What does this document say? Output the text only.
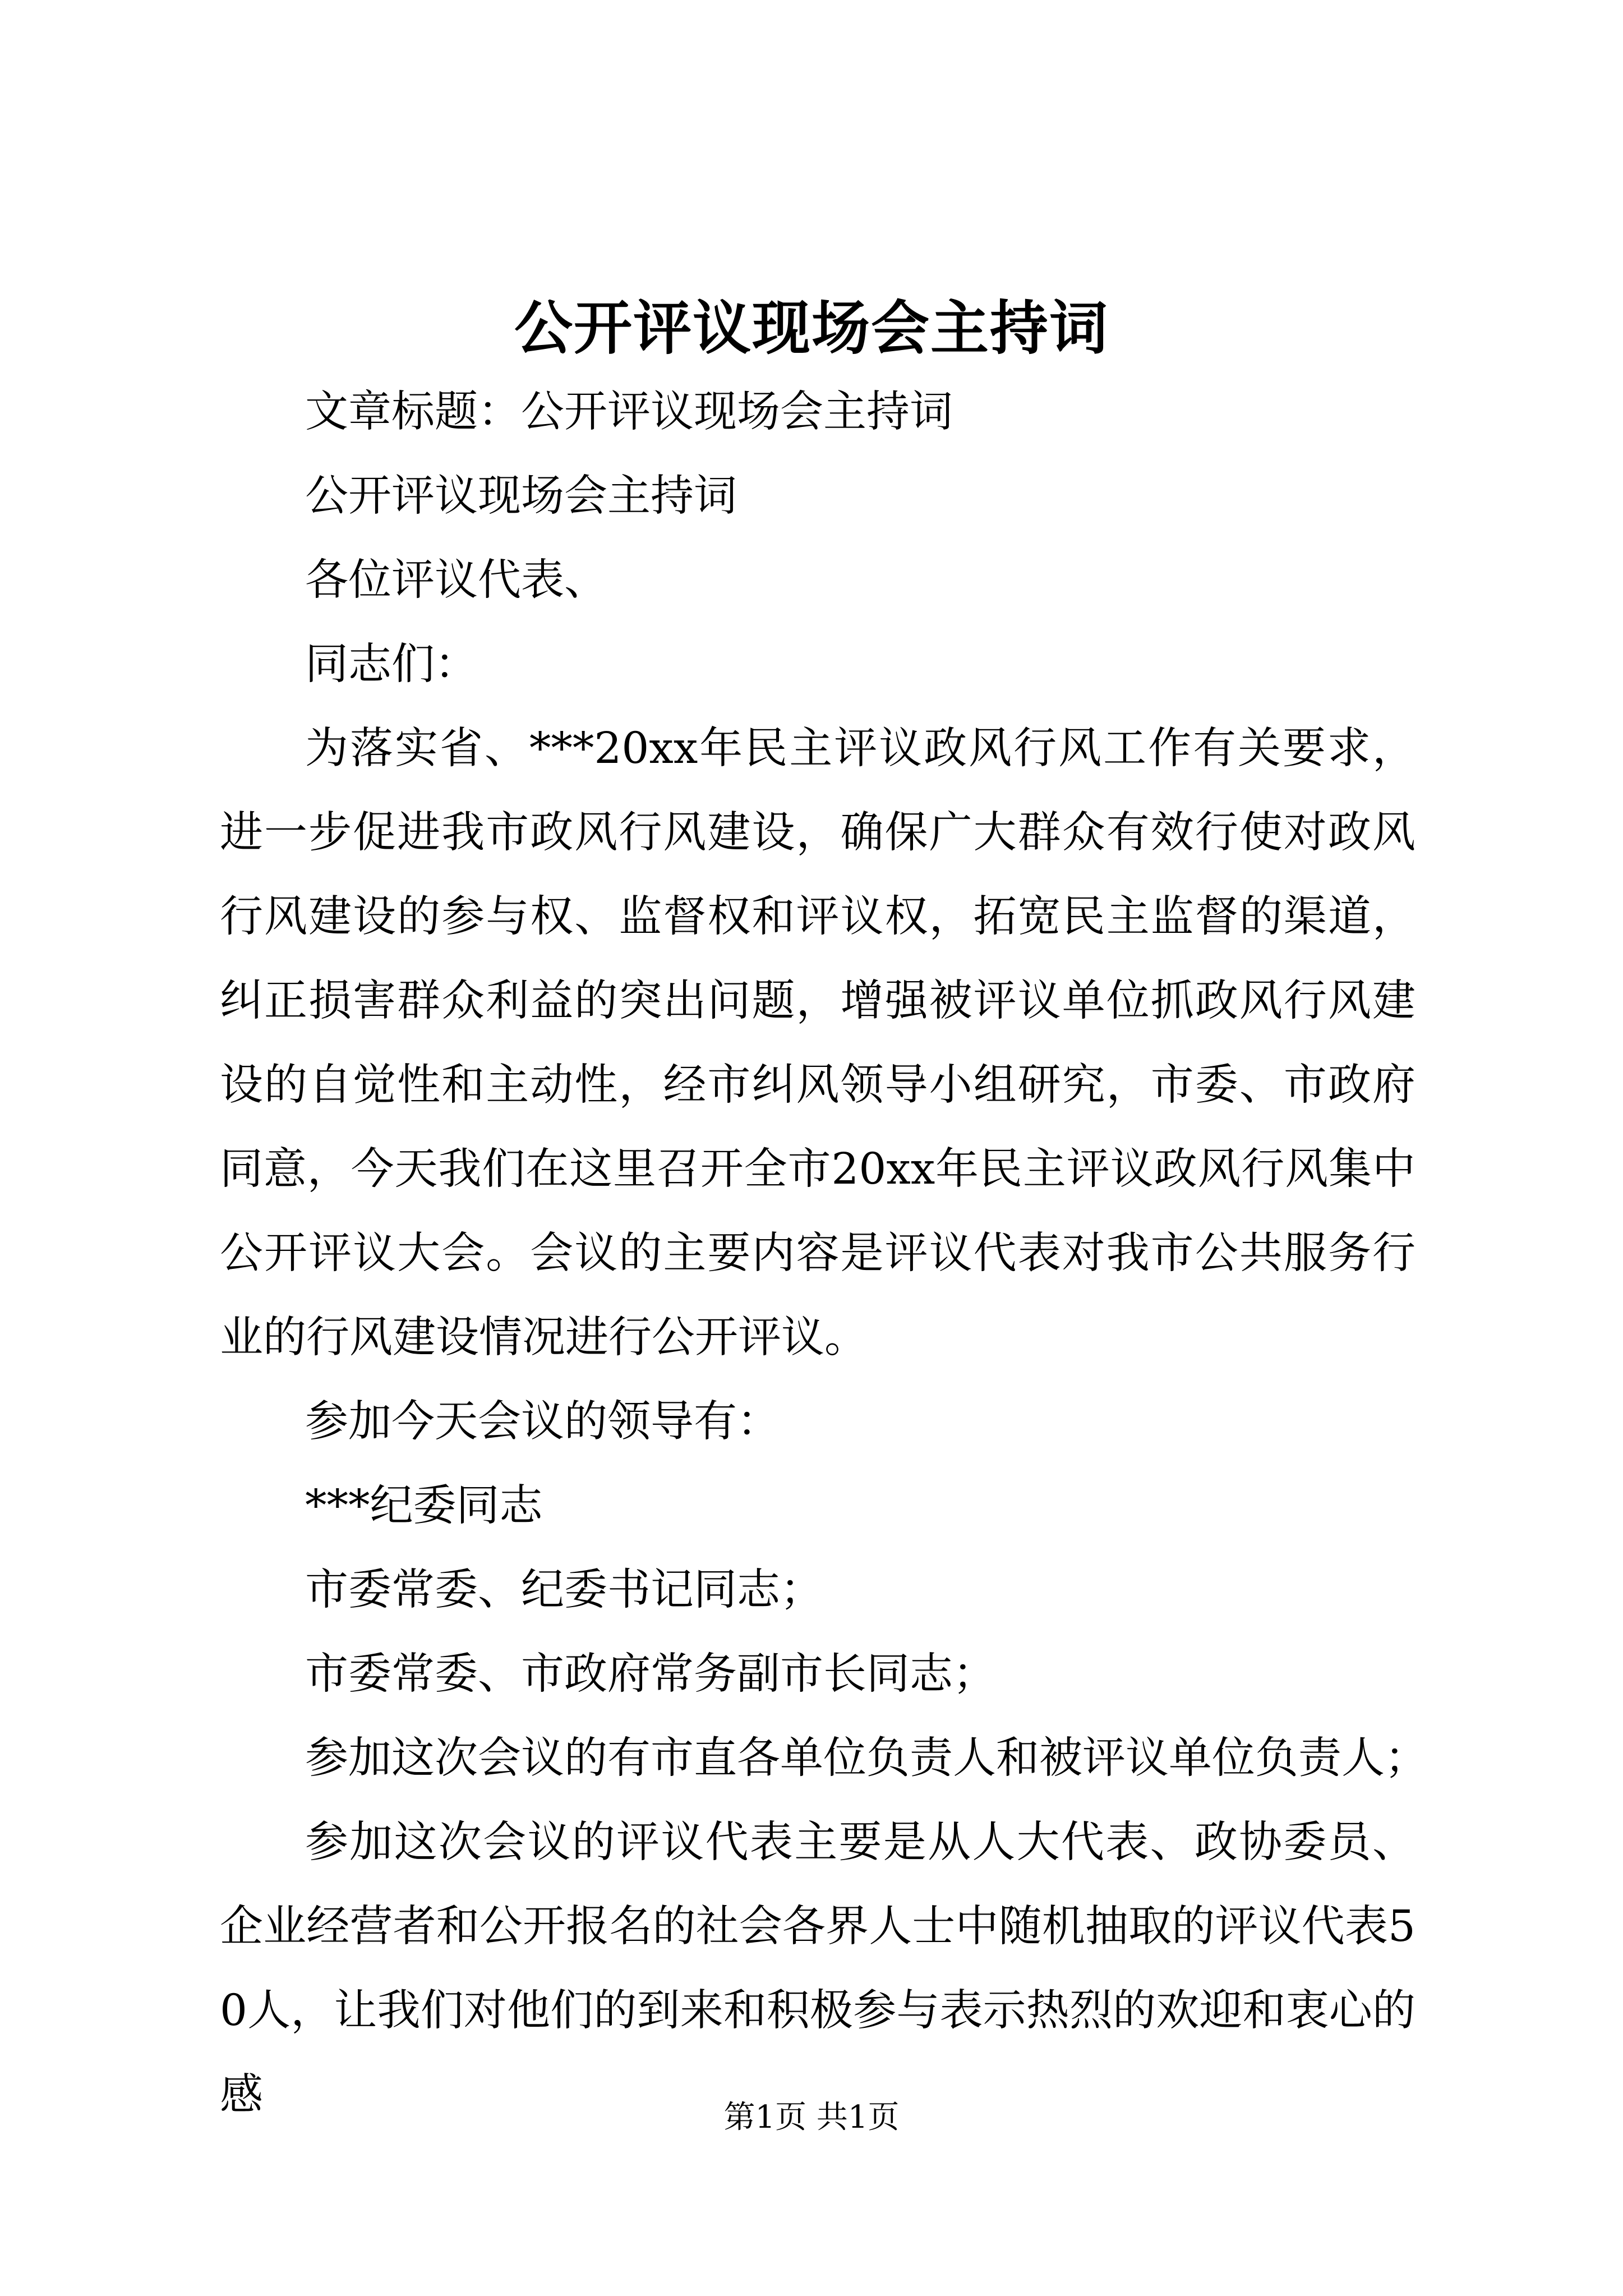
公开评议现场会主持词

文章标题：公开评议现场会主持词

公开评议现场会主持词

各位评议代表、

同志们：

为落实省、***20xx年民主评议政风行风工作有关要求，进一步促进我市政风行风建设，确保广大群众有效行使对政风行风建设的参与权、监督权和评议权，拓宽民主监督的渠道，纠正损害群众利益的突出问题，增强被评议单位抓政风行风建设的自觉性和主动性，经市纠风领导小组研究，市委、市政府同意，今天我们在这里召开全市20xx年民主评议政风行风集中公开评议大会。会议的主要内容是评议代表对我市公共服务行业的行风建设情况进行公开评议。

参加今天会议的领导有：

***纪委同志

市委常委、纪委书记同志；

市委常委、市政府常务副市长同志；

参加这次会议的有市直各单位负责人和被评议单位负责人；

参加这次会议的评议代表主要是从人大代表、政协委员、企业经营者和公开报名的社会各界人士中随机抽取的评议代表50人，让我们对他们的到来和积极参与表示热烈的欢迎和衷心的感	第1页 共1页
